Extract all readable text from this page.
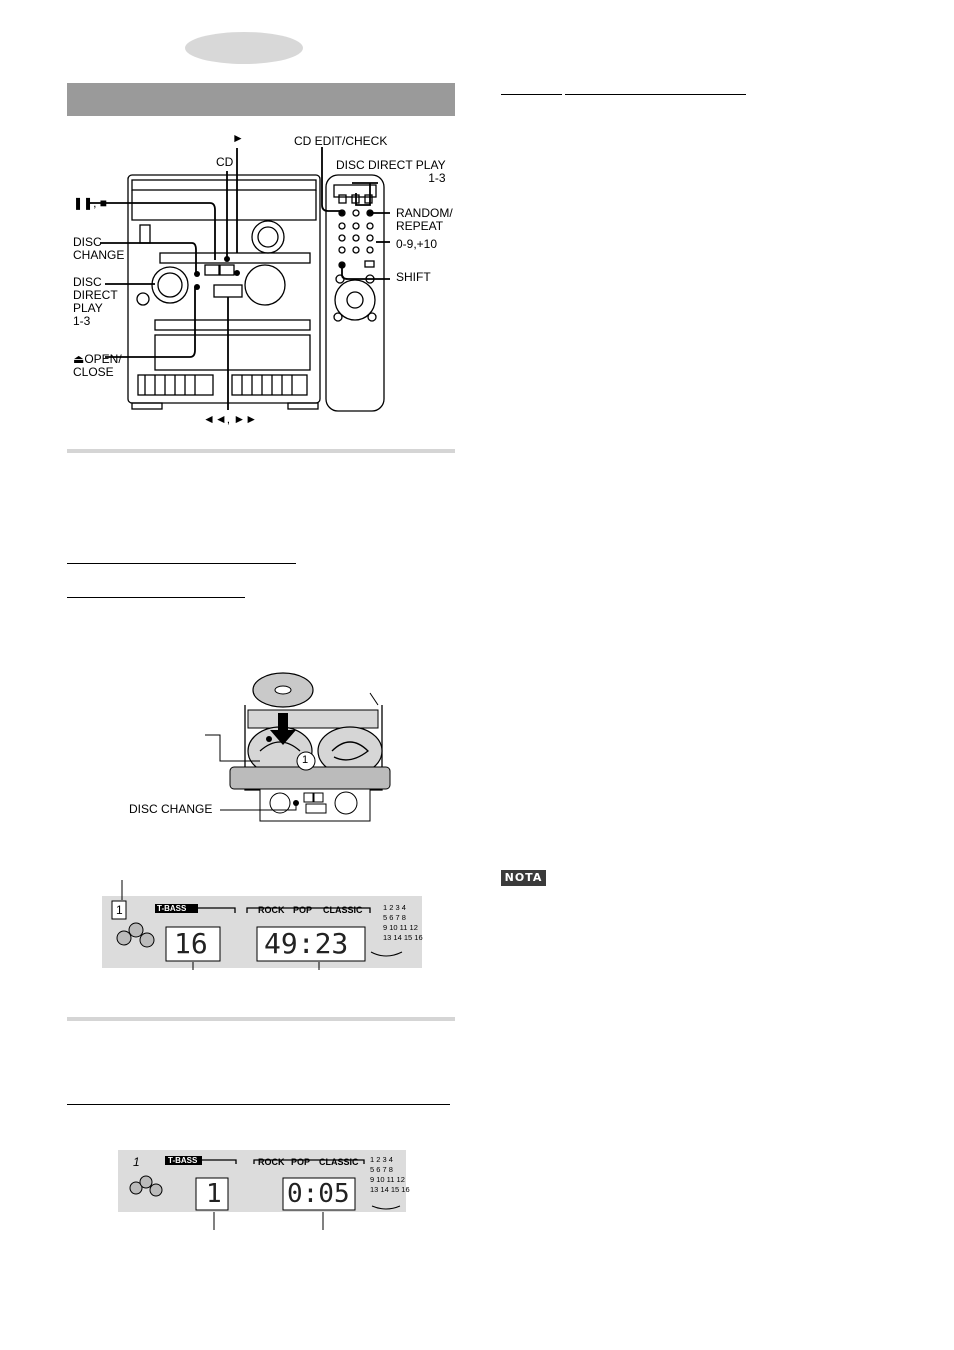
►
CD
CD EDIT/CHECK
DISC DIRECT PLAY
1-3
❚❚, ■
DISC
CHANGE
RANDOM/
REPEAT
0-9,+10
DISC
DIRECT
PLAY
1-3
SHIFT
⏏OPEN/
CLOSE
◄◄, ►►
1
DISC CHANGE
1	T-BASS	ROCK POP CLASSIC
16 49:23
1 2 3 4
5 6 7 8
9 10 11 12
13 14 15 16
1	T-BASS	ROCK POP CLASSIC
1	0:05
1 2 3 4
5 6 7 8
9 10 11 12
13 14 15 16
NOTA
